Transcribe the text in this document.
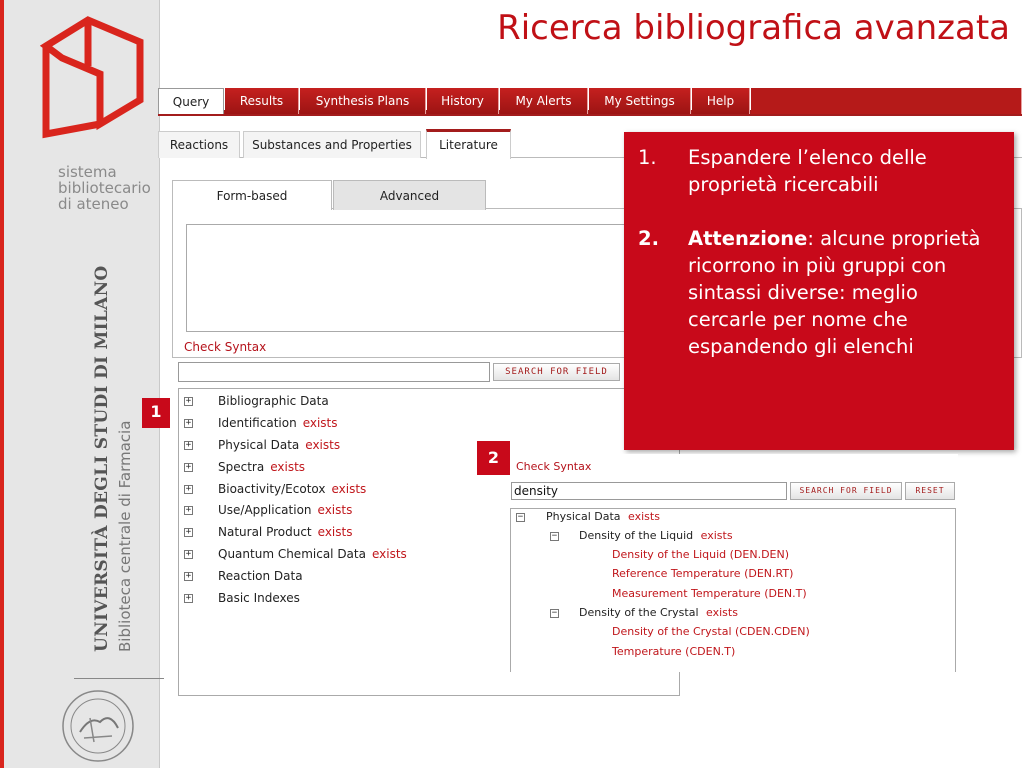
sistema
bibliotecario
di ateneo
UNIVERSITÀ DEGLI STUDI DI MILANO Biblioteca centrale di Farmacia
Ricerca bibliografica avanzata
Query	Results	Synthesis Plans	History	My Alerts	My Settings	Help
Reactions	Substances and Properties	Literature
Form-based	Advanced
Check Syntax
SEARCH FOR FIELD
+ Bibliographic Data
+ Identification exists
+ Physical Data exists
+ Spectra exists
+ Bioactivity/Ecotox exists
+ Use/Application exists
+ Natural Product exists
+ Quantum Chemical Data exists
+ Reaction Data
+ Basic Indexes
1
1. Espandere l’elenco delle proprietà ricercabili
2. Attenzione: alcune proprietà ricorrono in più gruppi con sintassi diverse: meglio cercarle per nome che espandendo gli elenchi
2	Check Syntax
density	SEARCH FOR FIELD	RESET
− Physical Data exists
− Density of the Liquid exists
Density of the Liquid (DEN.DEN)
Reference Temperature (DEN.RT)
Measurement Temperature (DEN.T)
− Density of the Crystal exists
Density of the Crystal (CDEN.CDEN)
Temperature (CDEN.T)
